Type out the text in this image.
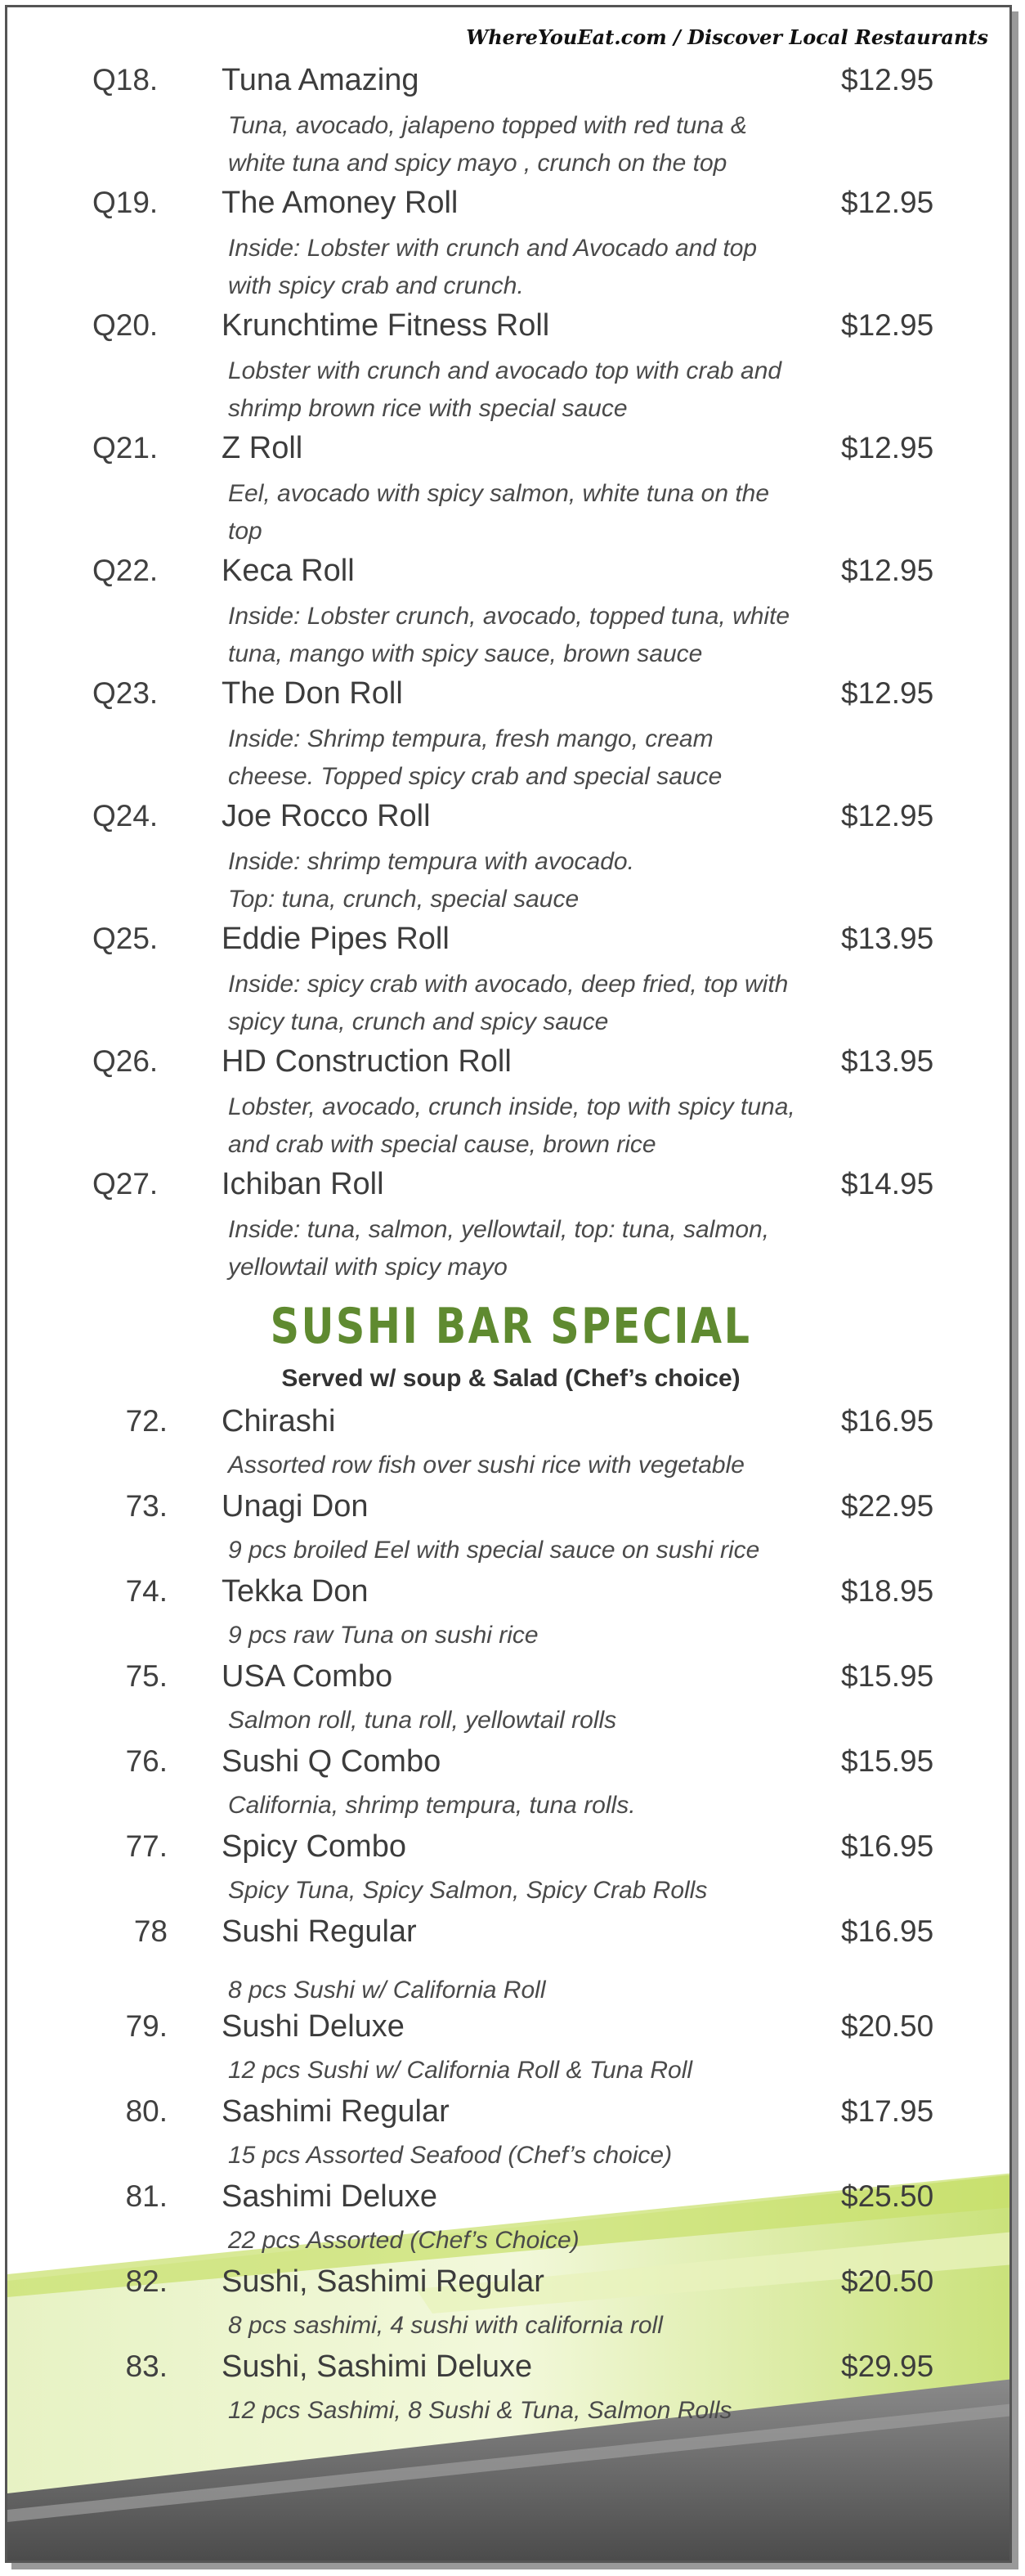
WhereYouEat.com / Discover Local Restaurants
Q18. Tuna Amazing	$12.95
Tuna, avocado, jalapeno topped with red tuna &
white tuna and spicy mayo , crunch on the top
Q19. The Amoney Roll	$12.95
Inside: Lobster with crunch and Avocado and top
with spicy crab and crunch.
Q20. Krunchtime Fitness Roll	$12.95
Lobster with crunch and avocado top with crab and
shrimp brown rice with special sauce
Q21. Z Roll	$12.95
Eel, avocado with spicy salmon, white tuna on the
top
Q22. Keca Roll	$12.95
Inside: Lobster crunch, avocado, topped tuna, white
tuna, mango with spicy sauce, brown sauce
Q23. The Don Roll	$12.95
Inside: Shrimp tempura, fresh mango, cream
cheese. Topped spicy crab and special sauce
Q24. Joe Rocco Roll	$12.95
Inside: shrimp tempura with avocado.
Top: tuna, crunch, special sauce
Q25. Eddie Pipes Roll	$13.95
Inside: spicy crab with avocado, deep fried, top with
spicy tuna, crunch and spicy sauce
Q26. HD Construction Roll	$13.95
Lobster, avocado, crunch inside, top with spicy tuna,
and crab with special cause, brown rice
Q27. Ichiban Roll	$14.95
Inside: tuna, salmon, yellowtail, top: tuna, salmon,
yellowtail with spicy mayo
SUSHI BAR SPECIAL
Served w/ soup & Salad (Chef’s choice)
72. Chirashi	$16.95
Assorted row fish over sushi rice with vegetable
73. Unagi Don	$22.95
9 pcs broiled Eel with special sauce on sushi rice
74. Tekka Don	$18.95
9 pcs raw Tuna on sushi rice
75. USA Combo	$15.95
Salmon roll, tuna roll, yellowtail rolls
76. Sushi Q Combo	$15.95
California, shrimp tempura, tuna rolls.
77. Spicy Combo	$16.95
Spicy Tuna, Spicy Salmon, Spicy Crab Rolls
78 Sushi Regular	$16.95
8 pcs Sushi w/ California Roll
79. Sushi Deluxe	$20.50
12 pcs Sushi w/ California Roll & Tuna Roll
80. Sashimi Regular	$17.95
15 pcs Assorted Seafood (Chef’s choice)
81. Sashimi Deluxe	$25.50
22 pcs Assorted (Chef’s Choice)
82. Sushi, Sashimi Regular	$20.50
8 pcs sashimi, 4 sushi with california roll
83. Sushi, Sashimi Deluxe	$29.95
12 pcs Sashimi, 8 Sushi & Tuna, Salmon Rolls
